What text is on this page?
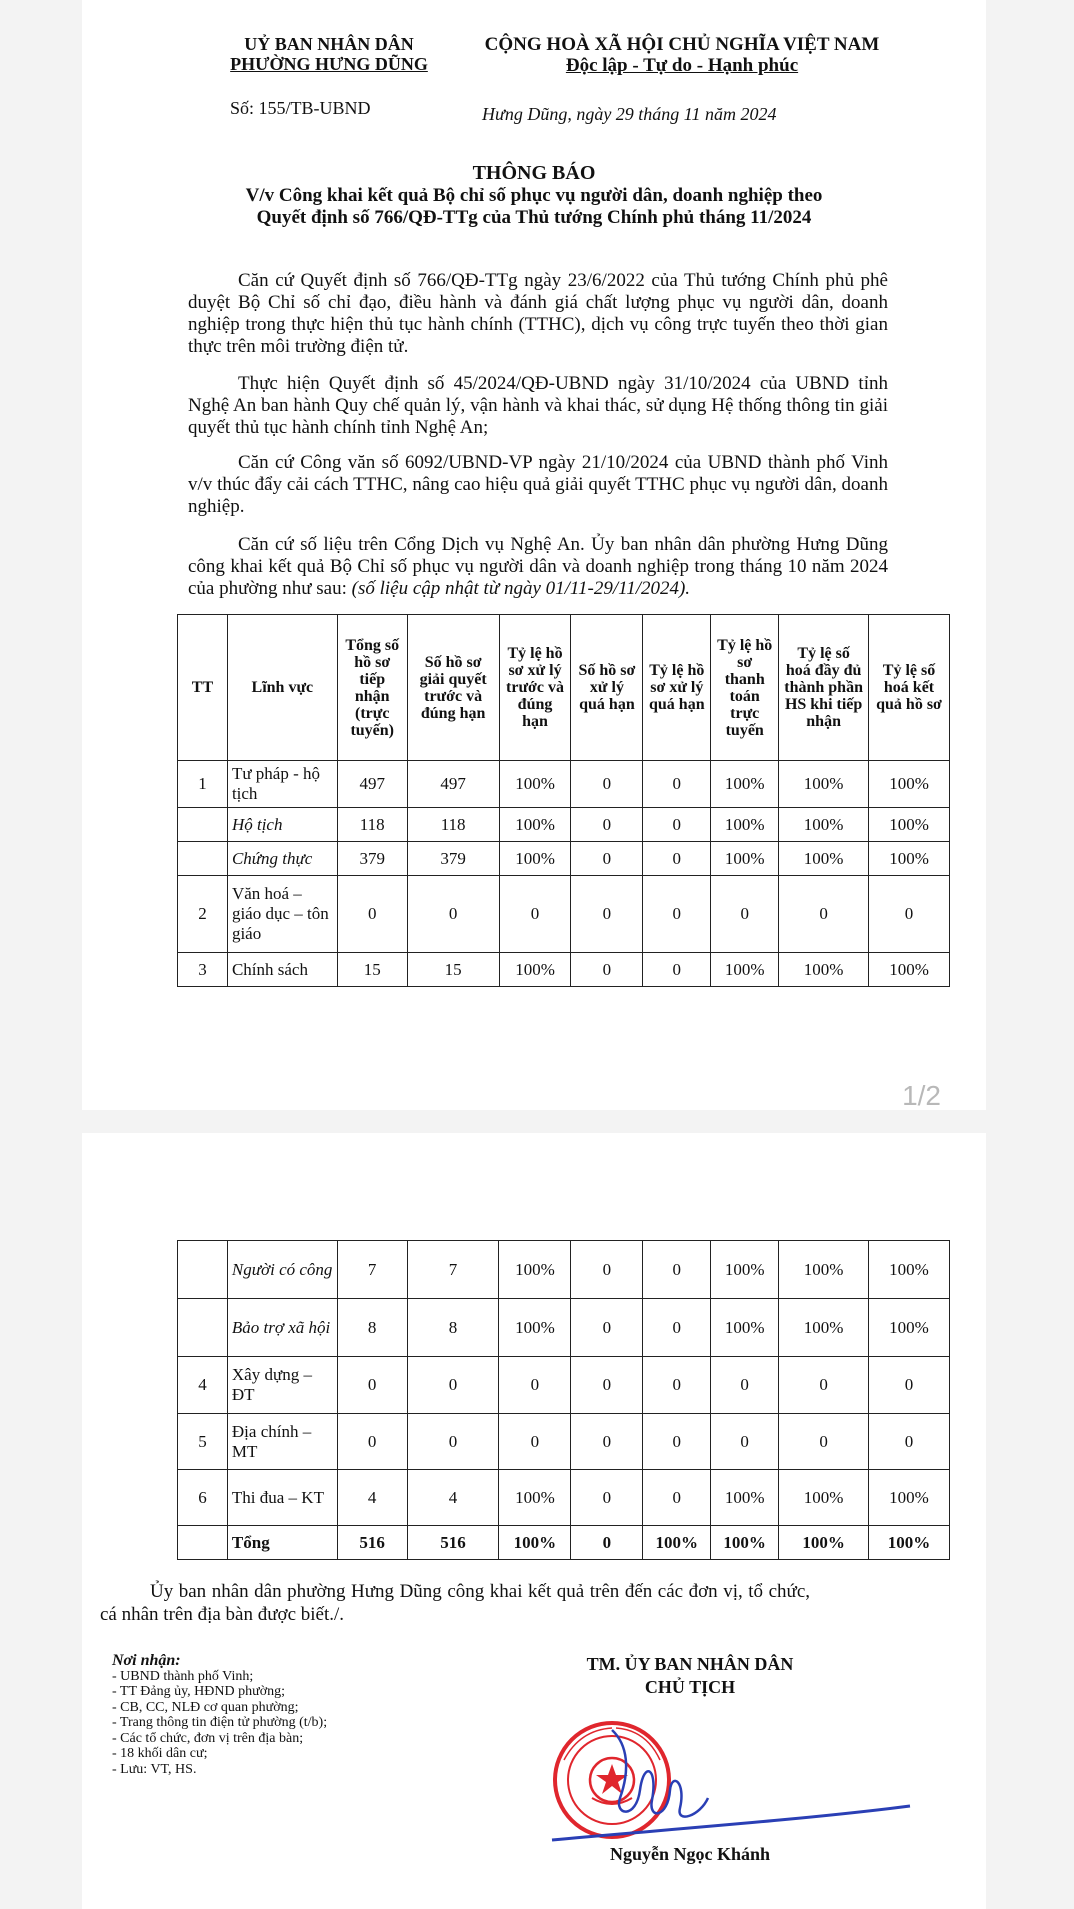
UỶ BAN NHÂN DÂN
PHƯỜNG HƯNG DŨNG
CỘNG HOÀ XÃ HỘI CHỦ NGHĨA VIỆT NAM
Độc lập - Tự do - Hạnh phúc
Số: 155/TB-UBND	Hưng Dũng, ngày 29 tháng 11 năm 2024
THÔNG BÁO
V/v Công khai kết quả Bộ chỉ số phục vụ người dân, doanh nghiệp theo
Quyết định số 766/QĐ-TTg của Thủ tướng Chính phủ tháng 11/2024
Căn cứ Quyết định số 766/QĐ-TTg ngày 23/6/2022 của Thủ tướng Chính phủ phê duyệt Bộ Chỉ số chỉ đạo, điều hành và đánh giá chất lượng phục vụ người dân, doanh nghiệp trong thực hiện thủ tục hành chính (TTHC), dịch vụ công trực tuyến theo thời gian thực trên môi trường điện tử.
Thực hiện Quyết định số 45/2024/QĐ-UBND ngày 31/10/2024 của UBND tỉnh Nghệ An ban hành Quy chế quản lý, vận hành và khai thác, sử dụng Hệ thống thông tin giải quyết thủ tục hành chính tỉnh Nghệ An;
Căn cứ Công văn số 6092/UBND-VP ngày 21/10/2024 của UBND thành phố Vinh v/v thúc đẩy cải cách TTHC, nâng cao hiệu quả giải quyết TTHC phục vụ người dân, doanh nghiệp.
Căn cứ số liệu trên Cổng Dịch vụ Nghệ An. Ủy ban nhân dân phường Hưng Dũng công khai kết quả Bộ Chỉ số phục vụ người dân và doanh nghiệp trong tháng 10 năm 2024 của phường như sau: (số liệu cập nhật từ ngày 01/11-29/11/2024).
TT	Lĩnh vực	Tổng số hồ sơ tiếp nhận (trực tuyến)	Số hồ sơ giải quyết trước và đúng hạn	Tỷ lệ hồ sơ xử lý trước và đúng hạn	Số hồ sơ xử lý quá hạn	Tỷ lệ hồ sơ xử lý quá hạn	Tỷ lệ hồ sơ thanh toán trực tuyến	Tỷ lệ số hoá đầy đủ thành phần HS khi tiếp nhận	Tỷ lệ số hoá kết quả hồ sơ
1	Tư pháp - hộ tịch	497	497	100%	0	0	100%	100%	100%
	Hộ tịch	118	118	100%	0	0	100%	100%	100%
	Chứng thực	379	379	100%	0	0	100%	100%	100%
2	Văn hoá – giáo dục – tôn giáo	0	0	0	0	0	0	0	0
3	Chính sách	15	15	100%	0	0	100%	100%	100%
1/2
	Người có công	7	7	100%	0	0	100%	100%	100%
	Bảo trợ xã hội	8	8	100%	0	0	100%	100%	100%
4	Xây dựng – ĐT	0	0	0	0	0	0	0	0
5	Địa chính – MT	0	0	0	0	0	0	0	0
6	Thi đua – KT	4	4	100%	0	0	100%	100%	100%
	Tổng	516	516	100%	0	100%	100%	100%	100%
Ủy ban nhân dân phường Hưng Dũng công khai kết quả trên đến các đơn vị, tổ chức, cá nhân trên địa bàn được biết./.
Nơi nhận:
- UBND thành phố Vinh;
- TT Đảng ủy, HĐND phường;
- CB, CC, NLĐ cơ quan phường;
- Trang thông tin điện tử phường (t/b);
- Các tổ chức, đơn vị trên địa bàn;
- 18 khối dân cư;
- Lưu: VT, HS.
TM. ỦY BAN NHÂN DÂN
CHỦ TỊCH
Nguyễn Ngọc Khánh
